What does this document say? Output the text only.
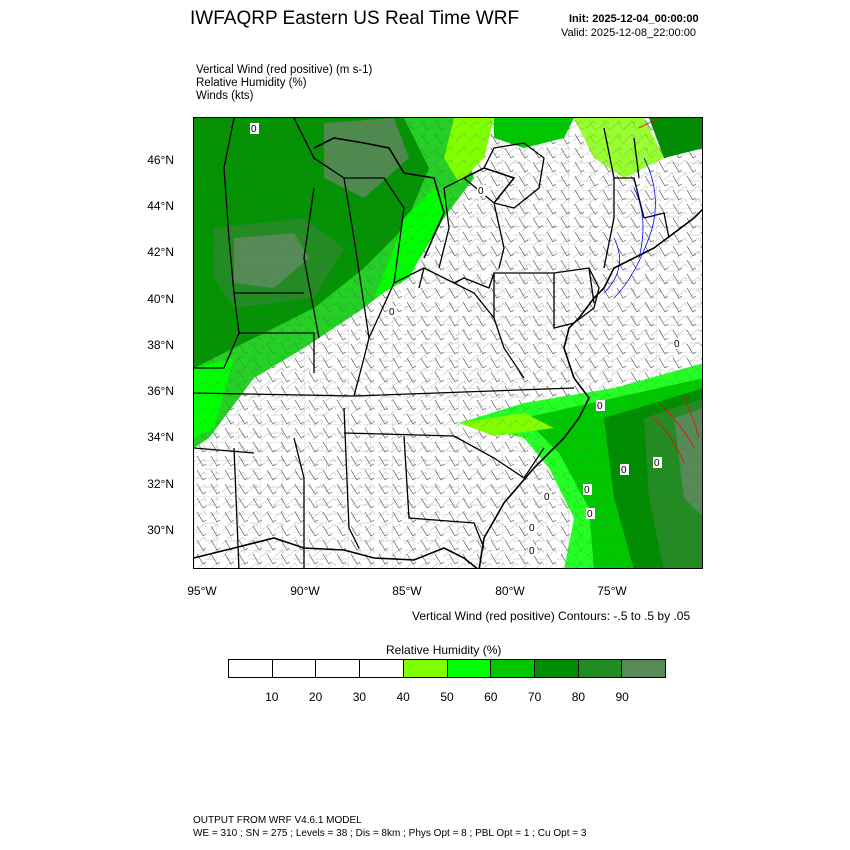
IWFAQRP Eastern US Real Time WRF	Init: 2025-12-04_00:00:00
Valid: 2025-12-08_22:00:00
Vertical Wind (red positive) (m s-1)
Relative Humidity (%)
Winds (kts)
0
0
0
0
0
0
0
0
0
0
0
0
46°N
44°N
42°N
40°N
38°N
36°N
34°N
32°N
30°N
95°W	90°W	85°W	80°W	75°W
Vertical Wind (red positive) Contours: -.5 to .5 by .05
Relative Humidity (%)
10	20	30	40	50	60	70	80	90
OUTPUT FROM WRF V4.6.1 MODEL
WE = 310 ; SN = 275 ; Levels = 38 ; Dis = 8km ; Phys Opt = 8 ; PBL Opt = 1 ; Cu Opt = 3
